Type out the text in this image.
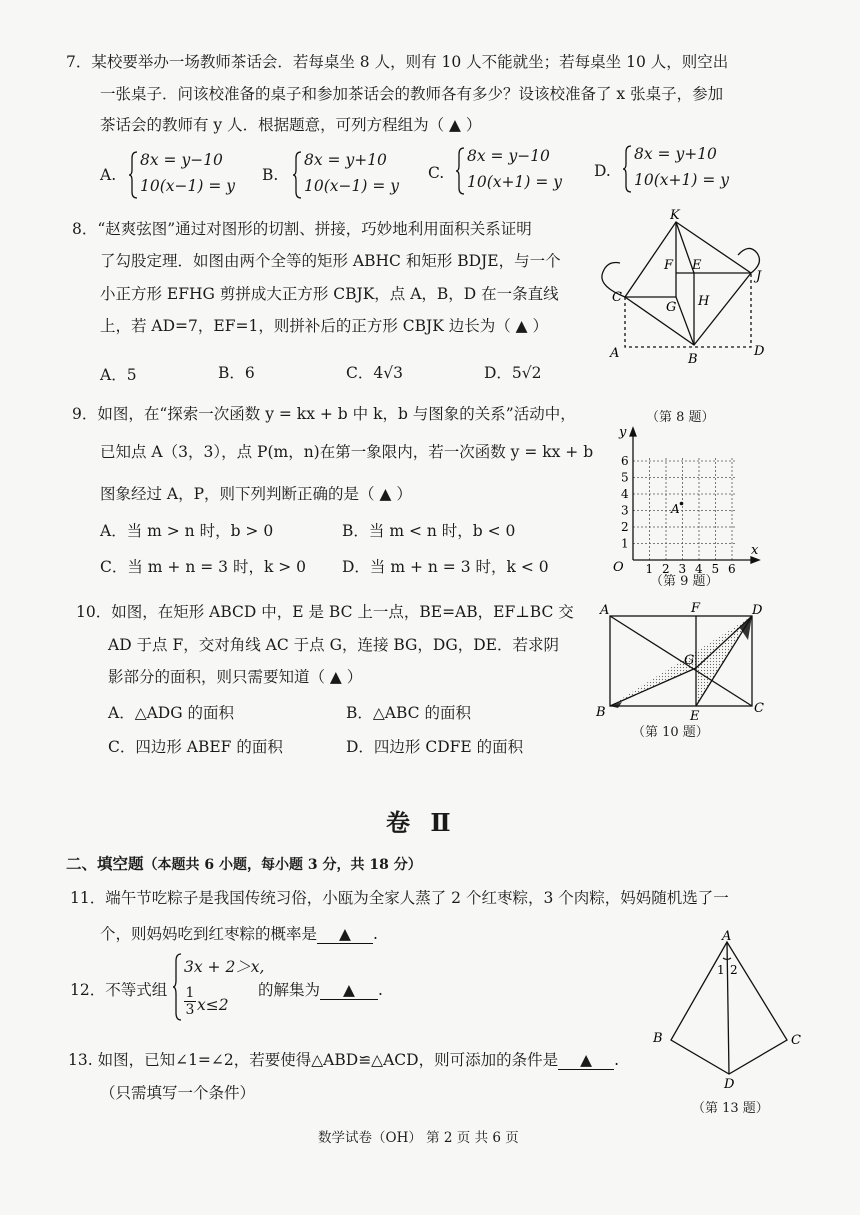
7．某校要举办一场教师茶话会．若每桌坐 8 人，则有 10 人不能就坐；若每桌坐 10 人，则空出
一张桌子．问该校准备的桌子和参加茶话会的教师各有多少？设该校准备了 x 张桌子，参加
茶话会的教师有 y 人．根据题意，可列方程组为（ ▲ ）
A.
8x = y−10
10(x−1) = y
B.
8x = y+10
10(x−1) = y
C.
8x = y−10
10(x+1) = y
D.
8x = y+10
10(x+1) = y
8．“赵爽弦图”通过对图形的切割、拼接，巧妙地利用面积关系证明
了勾股定理．如图由两个全等的矩形 ABHC 和矩形 BDJE，与一个
小正方形 EFHG 剪拼成大正方形 CBJK，点 A，B，D 在一条直线
上，若 AD=7，EF=1，则拼补后的正方形 CBJK 边长为（ ▲ ）
A．5	B．6	C．4√3	D．5√2
K
F E
J
C
G H
A	B
D
（第 8 题）
9．如图，在“探索一次函数 y = kx + b 中 k，b 与图象的关系”活动中，
已知点 A（3，3），点 P(m，n)在第一象限内，若一次函数 y = kx + b
图象经过 A，P，则下列判断正确的是（ ▲ ）
A．当 m > n 时，b > 0	B．当 m < n 时，b < 0
C．当 m + n = 3 时，k > 0 D．当 m + n = 3 时，k < 0
y
x
O
1
2
3
4
5
6
1 2 3 4 5 6
A
（第 9 题）
10．如图，在矩形 ABCD 中，E 是 BC 上一点，BE=AB，EF⊥BC 交
AD 于点 F，交对角线 AC 于点 G，连接 BG，DG，DE．若求阴
影部分的面积，则只需要知道（ ▲ ）
A．△ADG 的面积	B．△ABC 的面积
C．四边形 ABEF 的面积	D．四边形 CDFE 的面积
A	F	D
G
B	E
C
（第 10 题）
卷 Ⅱ
二、填空题（本题共 6 小题，每小题 3 分，共 18 分）
11．端午节吃粽子是我国传统习俗，小瓯为全家人蒸了 2 个红枣粽，3 个肉粽，妈妈随机选了一
个，则妈妈吃到红枣粽的概率是 ▲ .
12．不等式组
3x + 2＞x,
$\frac{1}{3} x\le 2$
的解集为 ▲ .
13. 如图，已知∠1=∠2，若要使得△ABD≌△ACD，则可添加的条件是 ▲ .
（只需填写一个条件）
A
1 2
B	C
D
（第 13 题）
数学试卷（OH） 第 2 页 共 6 页
